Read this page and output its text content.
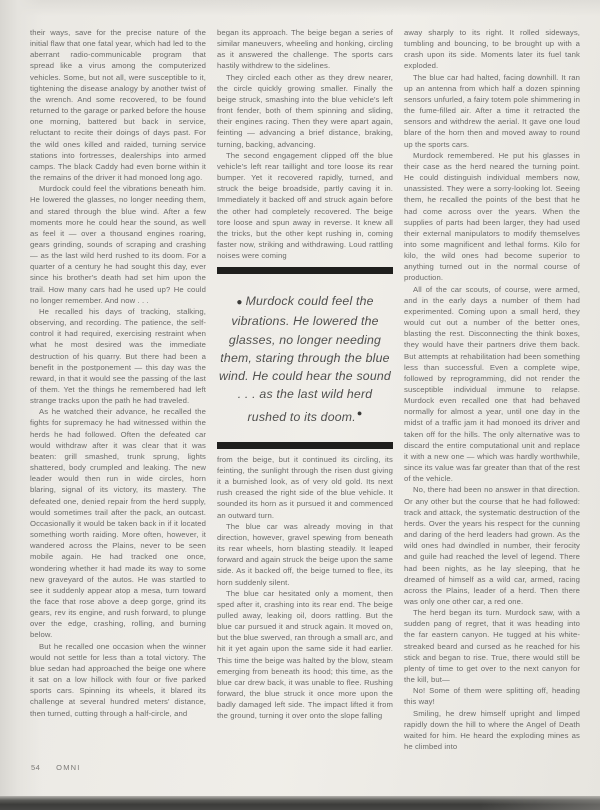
their ways, save for the precise nature of the initial flaw that one fatal year, which had led to the aberrant radio-communicable program that spread like a virus among the computerized vehicles. Some, but not all, were susceptible to it, tightening the disease analogy by another twist of the wrench. And some recovered, to be found returned to the garage or parked before the house one morning, battered but back in service, reluctant to recite their doings of days past. For the wild ones killed and raided, turning service stations into fortresses, dealerships into armed camps. The black Caddy had even borne within it the remains of the driver it had monoed long ago.

Murdock could feel the vibrations beneath him. He lowered the glasses, no longer needing them, and stared through the blue wind. After a few moments more he could hear the sound, as well as feel it — over a thousand engines roaring, gears grinding, sounds of scraping and crashing — as the last wild herd rushed to its doom. For a quarter of a century he had sought this day, ever since his brother's death had set him upon the trail. How many cars had he used up? He could no longer remember. And now . . .

He recalled his days of tracking, stalking, observing, and recording. The patience, the self-control it had required, exercising restraint when what he most desired was the immediate destruction of his quarry. But there had been a benefit in the postponement — this day was the reward, in that it would see the passing of the last of them. Yet the things he remembered had left strange tracks upon the path he had traveled.

As he watched their advance, he recalled the fights for supremacy he had witnessed within the herds he had followed. Often the defeated car would withdraw after it was clear that it was beaten: grill smashed, trunk sprung, lights shattered, body crumpled and leaking. The new leader would then run in wide circles, horn blaring, signal of its victory, its mastery. The defeated one, denied repair from the herd supply, would sometimes trail after the pack, an outcast. Occasionally it would be taken back in if it located something worth raiding. More often, however, it wandered across the Plains, never to be seen mobile again. He had tracked one once, wondering whether it had made its way to some new graveyard of the autos. He was startled to see it suddenly appear atop a mesa, turn toward the face that rose above a deep gorge, grind its gears, rev its engine, and rush forward, to plunge over the edge, crashing, rolling, and burning below.

But he recalled one occasion when the winner would not settle for less than a total victory. The blue sedan had approached the beige one where it sat on a low hillock with four or five parked sports cars. Spinning its wheels, it blared its challenge at several hundred meters' distance, then turned, cutting through a half-circle, and

began its approach. The beige began a series of similar maneuvers, wheeling and honking, circling as it answered the challenge. The sports cars hastily withdrew to the sidelines.

They circled each other as they drew nearer, the circle quickly growing smaller. Finally the beige struck, smashing into the blue vehicle's left front fender, both of them spinning and sliding, their engines racing. Then they were apart again, feinting — advancing a brief distance, braking, turning, backing, advancing.

The second engagement clipped off the blue vehicle's left rear taillight and tore loose its rear bumper. Yet it recovered rapidly, turned, and struck the beige broadside, partly caving it in. Immediately it backed off and struck again before the other had completely recovered. The beige tore loose and spun away in reverse. It knew all the tricks, but the other kept rushing in, coming faster now, striking and withdrawing. Loud rattling noises were coming

● Murdock could feel the vibrations. He lowered the glasses, no longer needing them, staring through the blue wind. He could hear the sound . . . as the last wild herd rushed to its doom.●

from the beige, but it continued its circling, its feinting, the sunlight through the risen dust giving it a burnished look, as of very old gold. Its next rush creased the right side of the blue vehicle. It sounded its horn as it pursued it and commenced an outward turn.

The blue car was already moving in that direction, however, gravel spewing from beneath its rear wheels, horn blasting steadily. It leaped forward and again struck the beige upon the same side. As it backed off, the beige turned to flee, its horn suddenly silent.

The blue car hesitated only a moment, then sped after it, crashing into its rear end. The beige pulled away, leaking oil, doors rattling. But the blue car pursued it and struck again. It moved on, but the blue swerved, ran through a small arc, and hit it yet again upon the same side it had earlier. This time the beige was halted by the blow, steam emerging from beneath its hood; this time, as the blue car drew back, it was unable to flee. Rushing forward, the blue struck it once more upon the badly damaged left side. The impact lifted it from the ground, turning it over onto the slope falling

away sharply to its right. It rolled sideways, tumbling and bouncing, to be brought up with a crash upon its side. Moments later its fuel tank exploded.

The blue car had halted, facing downhill. It ran up an antenna from which half a dozen spinning sensors unfurled, a fairy totem pole shimmering in the fume-filled air. After a time it retracted the sensors and withdrew the aerial. It gave one loud blare of the horn then and moved away to round up the sports cars.

Murdock remembered. He put his glasses in their case as the herd neared the turning point. He could distinguish individual members now, unassisted. They were a sorry-looking lot. Seeing them, he recalled the points of the best that he had come across over the years. When the supplies of parts had been larger, they had used their external manipulators to modify themselves into some magnificent and lethal forms. Kilo for kilo, the wild ones had become superior to anything turned out in the normal course of production.

All of the car scouts, of course, were armed, and in the early days a number of them had experimented. Coming upon a small herd, they would cut out a number of the better ones, blasting the rest. Disconnecting the think boxes, they would have their partners drive them back. But attempts at rehabilitation had been something less than successful. Even a complete wipe, followed by reprogramming, did not render the susceptible individual immune to relapse. Murdock even recalled one that had behaved normally for almost a year, until one day in the midst of a traffic jam it had monoed its driver and taken off for the hills. The only alternative was to discard the entire computational unit and replace it with a new one — which was hardly worthwhile, since its value was far greater than that of the rest of the vehicle.

No, there had been no answer in that direction. Or any other but the course that he had followed: track and attack, the systematic destruction of the herds. Over the years his respect for the cunning and daring of the herd leaders had grown. As the wild ones had dwindled in number, their ferocity and guile had reached the level of legend. There had been nights, as he lay sleeping, that he dreamed of himself as a wild car, armed, racing across the Plains, leader of a herd. Then there was only one other car, a red one.

The herd began its turn. Murdock saw, with a sudden pang of regret, that it was heading into the far eastern canyon. He tugged at his white-streaked beard and cursed as he reached for his stick and began to rise. True, there would still be plenty of time to get over to the next canyon for the kill, but—

No! Some of them were splitting off, heading this way!

Smiling, he drew himself upright and limped rapidly down the hill to where the Angel of Death waited for him. He heard the exploding mines as he climbed into

54 OMNI
